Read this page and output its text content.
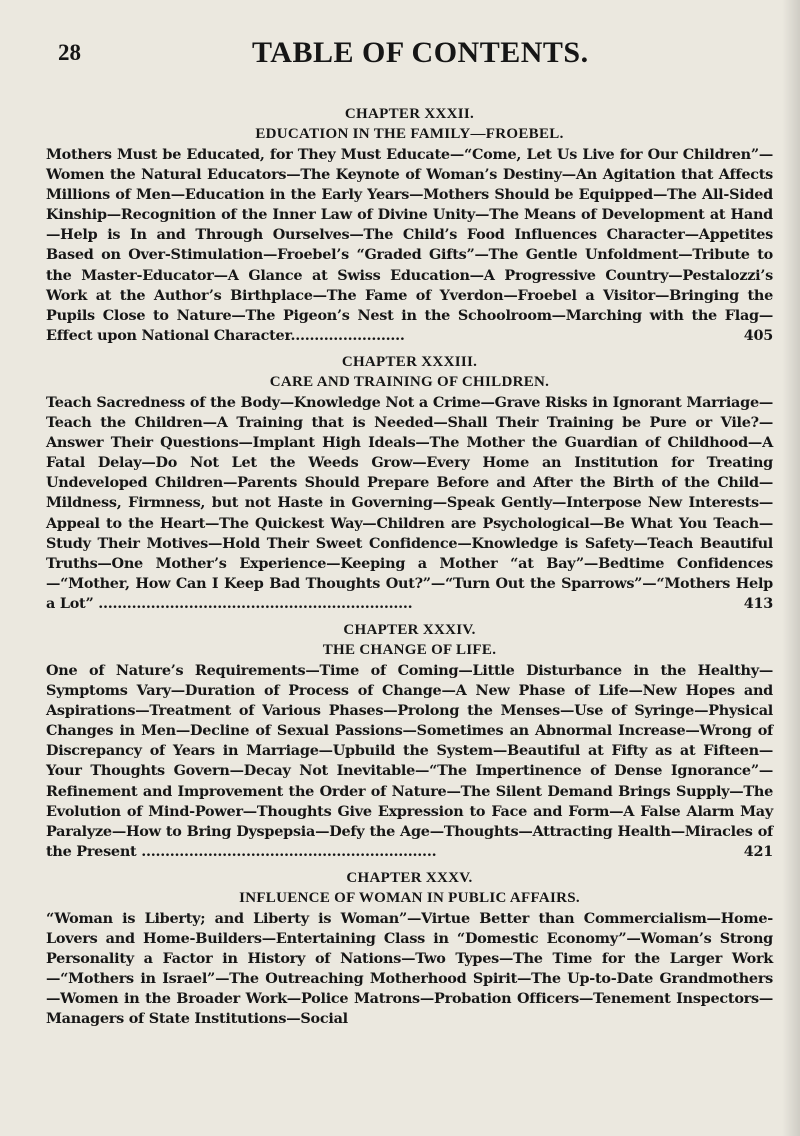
28	TABLE OF CONTENTS.
CHAPTER XXXII.
EDUCATION IN THE FAMILY—FROEBEL.
Mothers Must be Educated, for They Must Educate—“Come, Let Us Live for Our Children”—Women the Natural Educators—The Keynote of Woman’s Destiny—An Agitation that Affects Millions of Men—Education in the Early Years—Mothers Should be Equipped—The All-Sided Kinship—Recognition of the Inner Law of Divine Unity—The Means of Development at Hand—Help is In and Through Ourselves—The Child’s Food Influences Character—Appetites Based on Over-Stimulation—Froebel’s “Graded Gifts”—The Gentle Unfoldment—Tribute to the Master-Educator—A Glance at Swiss Education—A Progressive Country—Pestalozzi’s Work at the Author’s Birthplace—The Fame of Yverdon—Froebel a Visitor—Bringing the Pupils Close to Nature—The Pigeon’s Nest in the Schoolroom—Marching with the Flag—Effect upon National Character........................	405
CHAPTER XXXIII.
CARE AND TRAINING OF CHILDREN.
Teach Sacredness of the Body—Knowledge Not a Crime—Grave Risks in Ignorant Marriage—Teach the Children—A Training that is Needed—Shall Their Training be Pure or Vile?—Answer Their Questions—Implant High Ideals—The Mother the Guardian of Childhood—A Fatal Delay—Do Not Let the Weeds Grow—Every Home an Institution for Treating Undeveloped Children—Parents Should Prepare Before and After the Birth of the Child—Mildness, Firmness, but not Haste in Governing—Speak Gently—Interpose New Interests—Appeal to the Heart—The Quickest Way—Children are Psychological—Be What You Teach—Study Their Motives—Hold Their Sweet Confidence—Knowledge is Safety—Teach Beautiful Truths—One Mother’s Experience—Keeping a Mother “at Bay”—Bedtime Confidences—“Mother, How Can I Keep Bad Thoughts Out?”—“Turn Out the Sparrows”—“Mothers Help a Lot” ..................................................................	413
CHAPTER XXXIV.
THE CHANGE OF LIFE.
One of Nature’s Requirements—Time of Coming—Little Disturbance in the Healthy—Symptoms Vary—Duration of Process of Change—A New Phase of Life—New Hopes and Aspirations—Treatment of Various Phases—Prolong the Menses—Use of Syringe—Physical Changes in Men—Decline of Sexual Passions—Sometimes an Abnormal Increase—Wrong of Discrepancy of Years in Marriage—Upbuild the System—Beautiful at Fifty as at Fifteen—Your Thoughts Govern—Decay Not Inevitable—“The Impertinence of Dense Ignorance”—Refinement and Improvement the Order of Nature—The Silent Demand Brings Supply—The Evolution of Mind-Power—Thoughts Give Expression to Face and Form—A False Alarm May Paralyze—How to Bring Dyspepsia—Defy the Age—Thoughts—Attracting Health—Miracles of the Present ..............................................................	421
CHAPTER XXXV.
INFLUENCE OF WOMAN IN PUBLIC AFFAIRS.
“Woman is Liberty; and Liberty is Woman”—Virtue Better than Commercialism—Home-Lovers and Home-Builders—Entertaining Class in “Domestic Economy”—Woman’s Strong Personality a Factor in History of Nations—Two Types—The Time for the Larger Work—“Mothers in Israel”—The Outreaching Motherhood Spirit—The Up-to-Date Grandmothers—Women in the Broader Work—Police Matrons—Probation Officers—Tenement Inspectors—Managers of State Institutions—Social
